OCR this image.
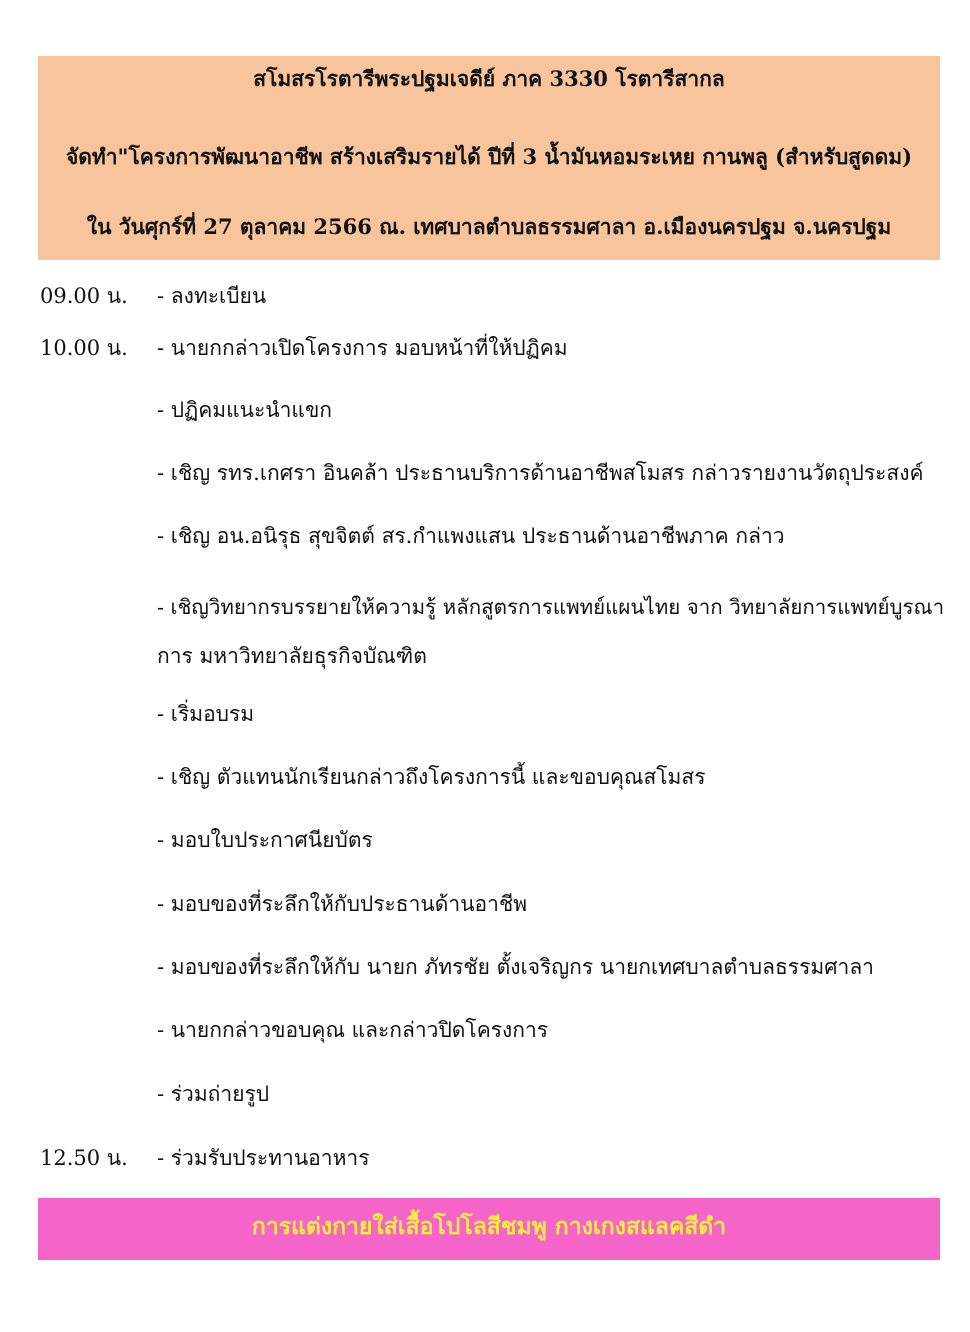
สโมสรโรตารีพระปฐมเจดีย์ ภาค 3330 โรตารีสากล
จัดทำ"โครงการพัฒนาอาชีพ สร้างเสริมรายได้ ปีที่ 3 น้ำมันหอมระเหย กานพลู (สำหรับสูดดม)
ใน วันศุกร์ที่ 27 ตุลาคม 2566 ณ. เทศบาลตำบลธรรมศาลา อ.เมืองนครปฐม จ.นครปฐม
09.00 น.	- ลงทะเบียน
10.00 น.	- นายกกล่าวเปิดโครงการ มอบหน้าที่ให้ปฏิคม
- ปฏิคมแนะนำแขก
- เชิญ รทร.เกศรา อินคล้า ประธานบริการด้านอาชีพสโมสร กล่าวรายงานวัตถุประสงค์
- เชิญ อน.อนิรุธ สุขจิตต์ สร.กำแพงแสน ประธานด้านอาชีพภาค กล่าว
- เชิญวิทยากรบรรยายให้ความรู้ หลักสูตรการแพทย์แผนไทย จาก วิทยาลัยการแพทย์บูรณา
การ มหาวิทยาลัยธุรกิจบัณฑิต
- เริ่มอบรม
- เชิญ ตัวแทนนักเรียนกล่าวถึงโครงการนี้ และขอบคุณสโมสร
- มอบใบประกาศนียบัตร
- มอบของที่ระลึกให้กับประธานด้านอาชีพ
- มอบของที่ระลึกให้กับ นายก ภัทรชัย ตั้งเจริญกร นายกเทศบาลตำบลธรรมศาลา
- นายกกล่าวขอบคุณ และกล่าวปิดโครงการ
- ร่วมถ่ายรูป
12.50 น.	- ร่วมรับประทานอาหาร
การแต่งกายใส่เสื้อโปโลสีชมพู กางเกงสแลคสีดำ
